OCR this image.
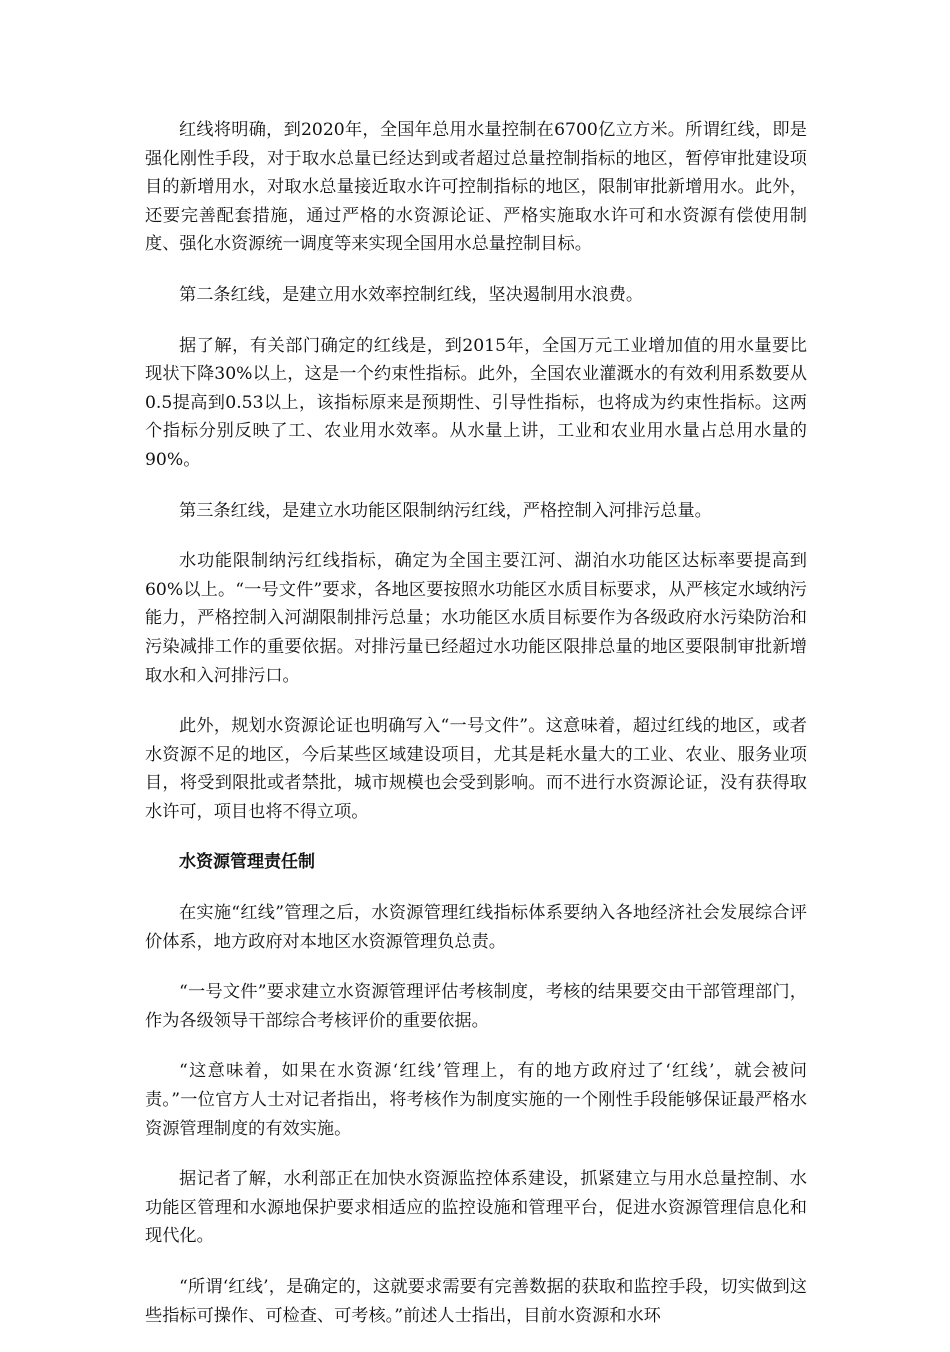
红线将明确，到2020年，全国年总用水量控制在6700亿立方米。所谓红线，即是强化刚性手段，对于取水总量已经达到或者超过总量控制指标的地区，暂停审批建设项目的新增用水，对取水总量接近取水许可控制指标的地区，限制审批新增用水。此外，还要完善配套措施，通过严格的水资源论证、严格实施取水许可和水资源有偿使用制度、强化水资源统一调度等来实现全国用水总量控制目标。

第二条红线，是建立用水效率控制红线，坚决遏制用水浪费。

据了解，有关部门确定的红线是，到2015年，全国万元工业增加值的用水量要比现状下降30%以上，这是一个约束性指标。此外，全国农业灌溉水的有效利用系数要从0.5提高到0.53以上，该指标原来是预期性、引导性指标，也将成为约束性指标。这两个指标分别反映了工、农业用水效率。从水量上讲，工业和农业用水量占总用水量的90%。

第三条红线，是建立水功能区限制纳污红线，严格控制入河排污总量。

水功能限制纳污红线指标，确定为全国主要江河、湖泊水功能区达标率要提高到60%以上。“一号文件”要求，各地区要按照水功能区水质目标要求，从严核定水域纳污能力，严格控制入河湖限制排污总量；水功能区水质目标要作为各级政府水污染防治和污染减排工作的重要依据。对排污量已经超过水功能区限排总量的地区要限制审批新增取水和入河排污口。

此外，规划水资源论证也明确写入“一号文件”。这意味着，超过红线的地区，或者水资源不足的地区，今后某些区域建设项目，尤其是耗水量大的工业、农业、服务业项目，将受到限批或者禁批，城市规模也会受到影响。而不进行水资源论证，没有获得取水许可，项目也将不得立项。

水资源管理责任制

在实施“红线”管理之后，水资源管理红线指标体系要纳入各地经济社会发展综合评价体系，地方政府对本地区水资源管理负总责。

“一号文件”要求建立水资源管理评估考核制度，考核的结果要交由干部管理部门，作为各级领导干部综合考核评价的重要依据。

“这意味着，如果在水资源‘红线’管理上，有的地方政府过了‘红线’，就会被问责。”一位官方人士对记者指出，将考核作为制度实施的一个刚性手段能够保证最严格水资源管理制度的有效实施。

据记者了解，水利部正在加快水资源监控体系建设，抓紧建立与用水总量控制、水功能区管理和水源地保护要求相适应的监控设施和管理平台，促进水资源管理信息化和现代化。

“所谓‘红线’，是确定的，这就要求需要有完善数据的获取和监控手段，切实做到这些指标可操作、可检查、可考核。”前述人士指出，目前水资源和水环
